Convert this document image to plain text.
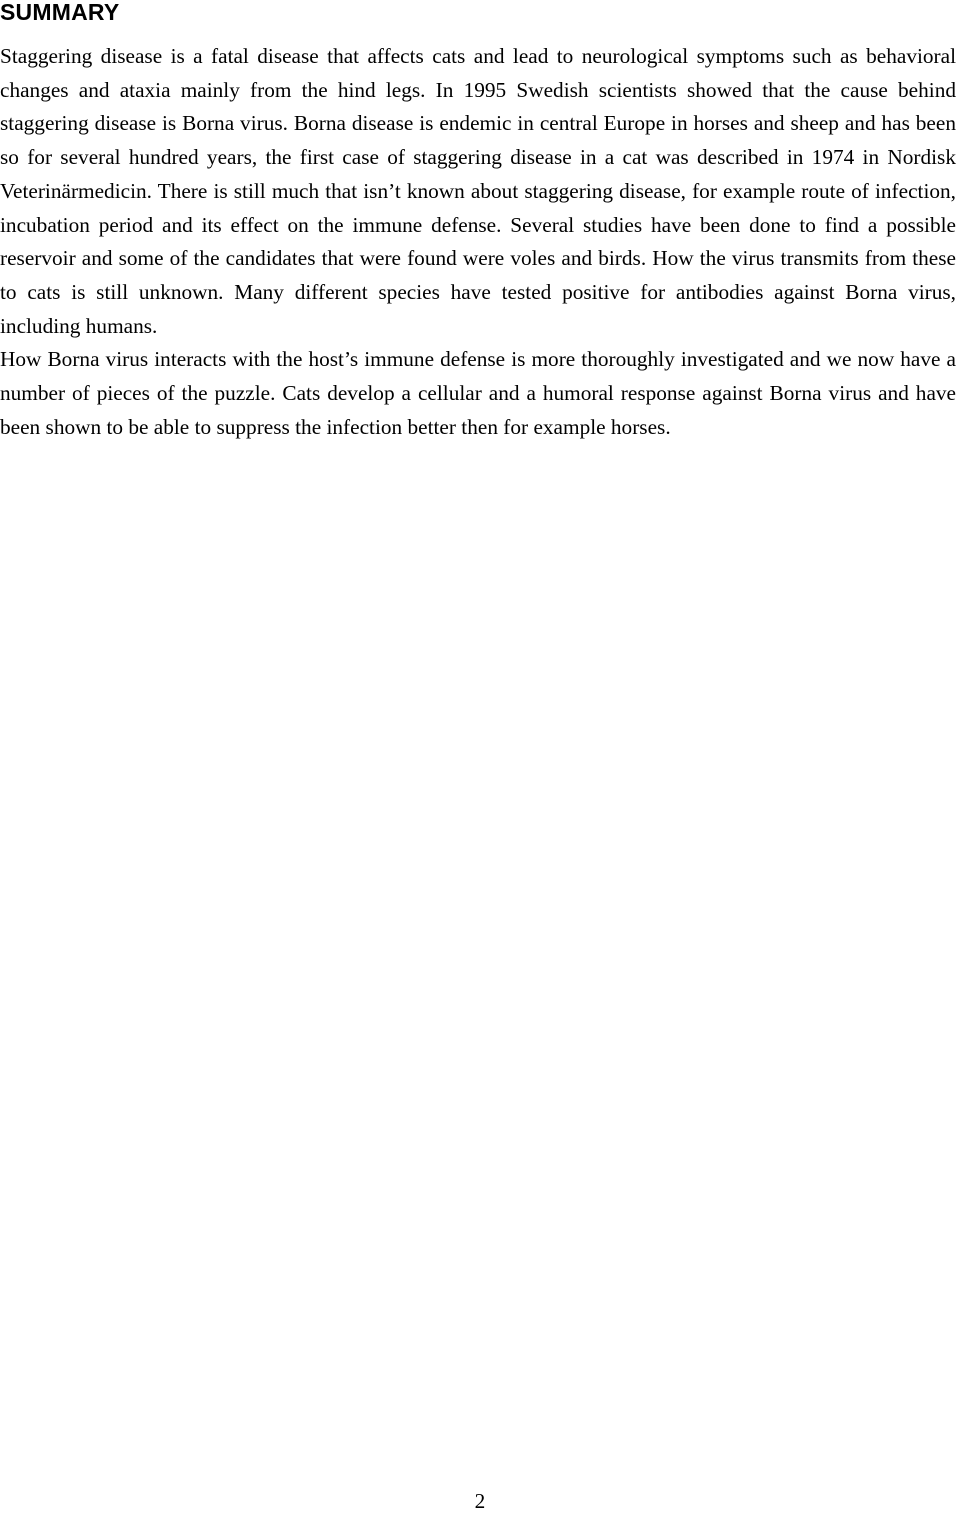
SUMMARY

Staggering disease is a fatal disease that affects cats and lead to neurological symptoms such as behavioral changes and ataxia mainly from the hind legs. In 1995 Swedish scientists showed that the cause behind staggering disease is Borna virus. Borna disease is endemic in central Europe in horses and sheep and has been so for several hundred years, the first case of staggering disease in a cat was described in 1974 in Nordisk Veterinärmedicin. There is still much that isn’t known about staggering disease, for example route of infection, incubation period and its effect on the immune defense. Several studies have been done to find a possible reservoir and some of the candidates that were found were voles and birds. How the virus transmits from these to cats is still unknown. Many different species have tested positive for antibodies against Borna virus, including humans.

How Borna virus interacts with the host’s immune defense is more thoroughly investigated and we now have a number of pieces of the puzzle. Cats develop a cellular and a humoral response against Borna virus and have been shown to be able to suppress the infection better then for example horses.

2
